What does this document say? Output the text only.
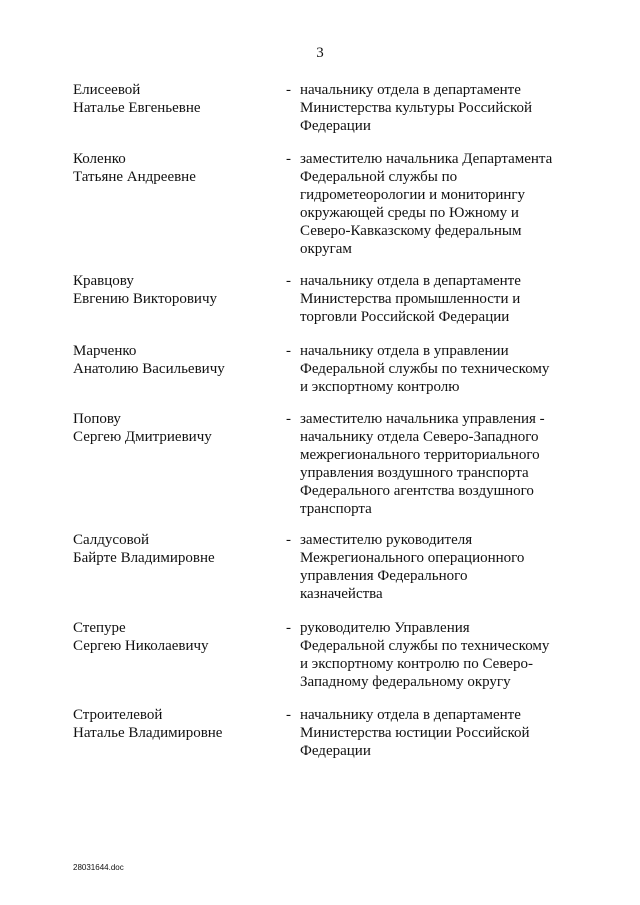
3
Елисеевой
Наталье Евгеньевне
- начальнику отдела в департаменте
Министерства культуры Российской
Федерации
Коленко
Татьяне Андреевне
- заместителю начальника Департамента
Федеральной службы по
гидрометеорологии и мониторингу
окружающей среды по Южному и
Северо-Кавказскому федеральным
округам
Кравцову
Евгению Викторовичу
- начальнику отдела в департаменте
Министерства промышленности и
торговли Российской Федерации
Марченко
Анатолию Васильевичу
- начальнику отдела в управлении
Федеральной службы по техническому
и экспортному контролю
Попову
Сергею Дмитриевичу
- заместителю начальника управления -
начальнику отдела Северо-Западного
межрегионального территориального
управления воздушного транспорта
Федерального агентства воздушного
транспорта
Салдусовой
Байрте Владимировне
- заместителю руководителя
Межрегионального операционного
управления Федерального
казначейства
Степуре
Сергею Николаевичу
- руководителю Управления
Федеральной службы по техническому
и экспортному контролю по Северо-
Западному федеральному округу
Строителевой
Наталье Владимировне
- начальнику отдела в департаменте
Министерства юстиции Российской
Федерации
28031644.doc
